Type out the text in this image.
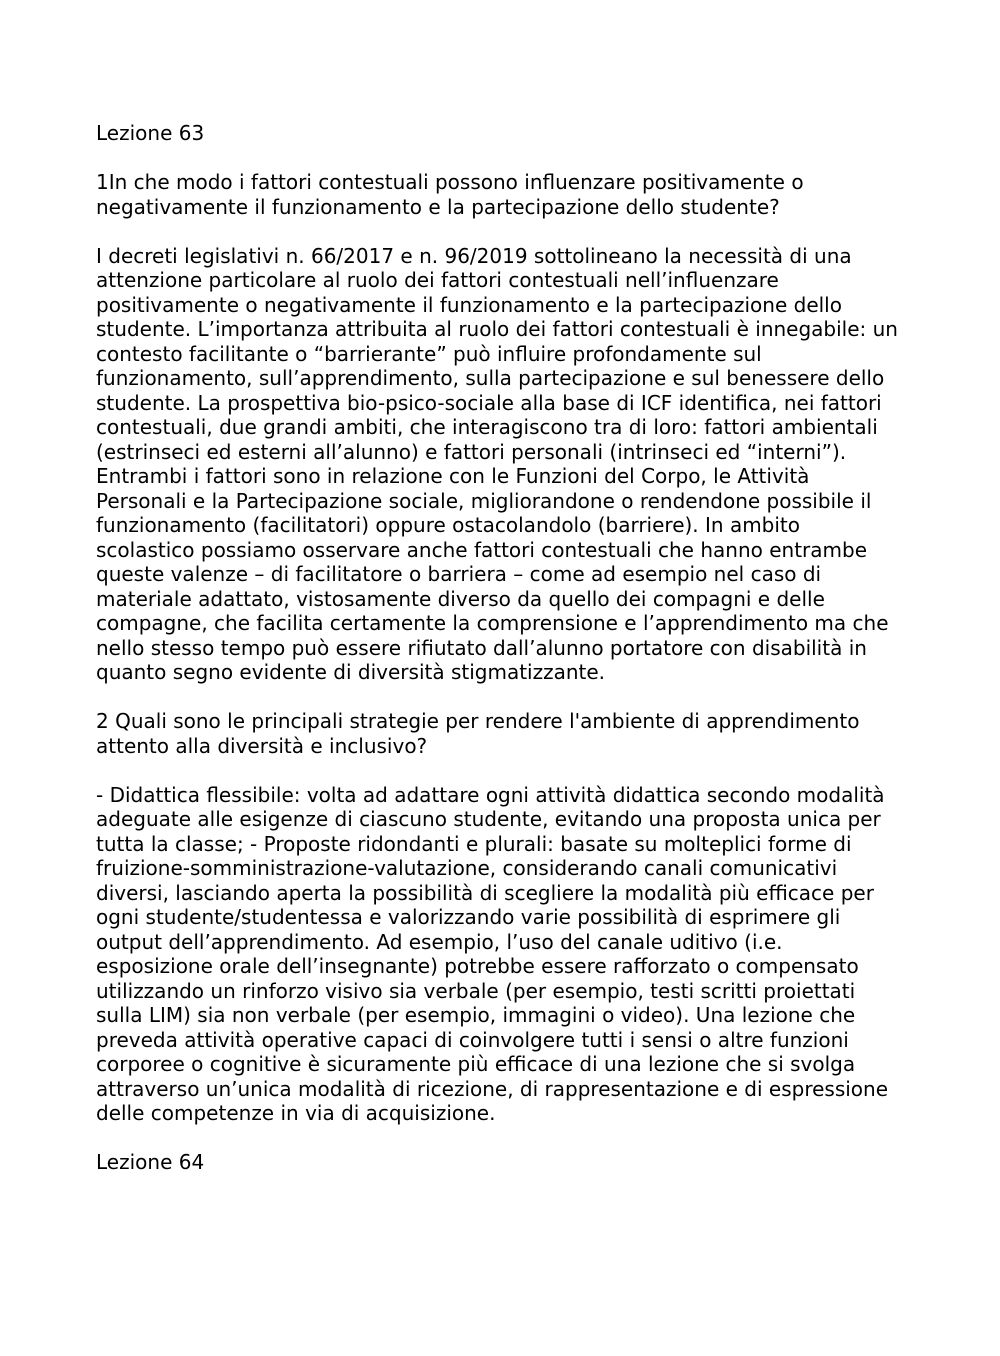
Lezione 63

1In che modo i fattori contestuali possono influenzare positivamente o
negativamente il funzionamento e la partecipazione dello studente?

I decreti legislativi n. 66/2017 e n. 96/2019 sottolineano la necessità di una
attenzione particolare al ruolo dei fattori contestuali nell’influenzare
positivamente o negativamente il funzionamento e la partecipazione dello
studente. L’importanza attribuita al ruolo dei fattori contestuali è innegabile: un
contesto facilitante o “barrierante” può influire profondamente sul
funzionamento, sull’apprendimento, sulla partecipazione e sul benessere dello
studente. La prospettiva bio-psico-sociale alla base di ICF identifica, nei fattori
contestuali, due grandi ambiti, che interagiscono tra di loro: fattori ambientali
(estrinseci ed esterni all’alunno) e fattori personali (intrinseci ed “interni”).
Entrambi i fattori sono in relazione con le Funzioni del Corpo, le Attività
Personali e la Partecipazione sociale, migliorandone o rendendone possibile il
funzionamento (facilitatori) oppure ostacolandolo (barriere). In ambito
scolastico possiamo osservare anche fattori contestuali che hanno entrambe
queste valenze – di facilitatore o barriera – come ad esempio nel caso di
materiale adattato, vistosamente diverso da quello dei compagni e delle
compagne, che facilita certamente la comprensione e l’apprendimento ma che
nello stesso tempo può essere rifiutato dall’alunno portatore con disabilità in
quanto segno evidente di diversità stigmatizzante.

2 Quali sono le principali strategie per rendere l'ambiente di apprendimento
attento alla diversità e inclusivo?

- Didattica flessibile: volta ad adattare ogni attività didattica secondo modalità
adeguate alle esigenze di ciascuno studente, evitando una proposta unica per
tutta la classe; - Proposte ridondanti e plurali: basate su molteplici forme di
fruizione-somministrazione-valutazione, considerando canali comunicativi
diversi, lasciando aperta la possibilità di scegliere la modalità più efficace per
ogni studente/studentessa e valorizzando varie possibilità di esprimere gli
output dell’apprendimento. Ad esempio, l’uso del canale uditivo (i.e.
esposizione orale dell’insegnante) potrebbe essere rafforzato o compensato
utilizzando un rinforzo visivo sia verbale (per esempio, testi scritti proiettati
sulla LIM) sia non verbale (per esempio, immagini o video). Una lezione che
preveda attività operative capaci di coinvolgere tutti i sensi o altre funzioni
corporee o cognitive è sicuramente più efficace di una lezione che si svolga
attraverso un’unica modalità di ricezione, di rappresentazione e di espressione
delle competenze in via di acquisizione.

Lezione 64
